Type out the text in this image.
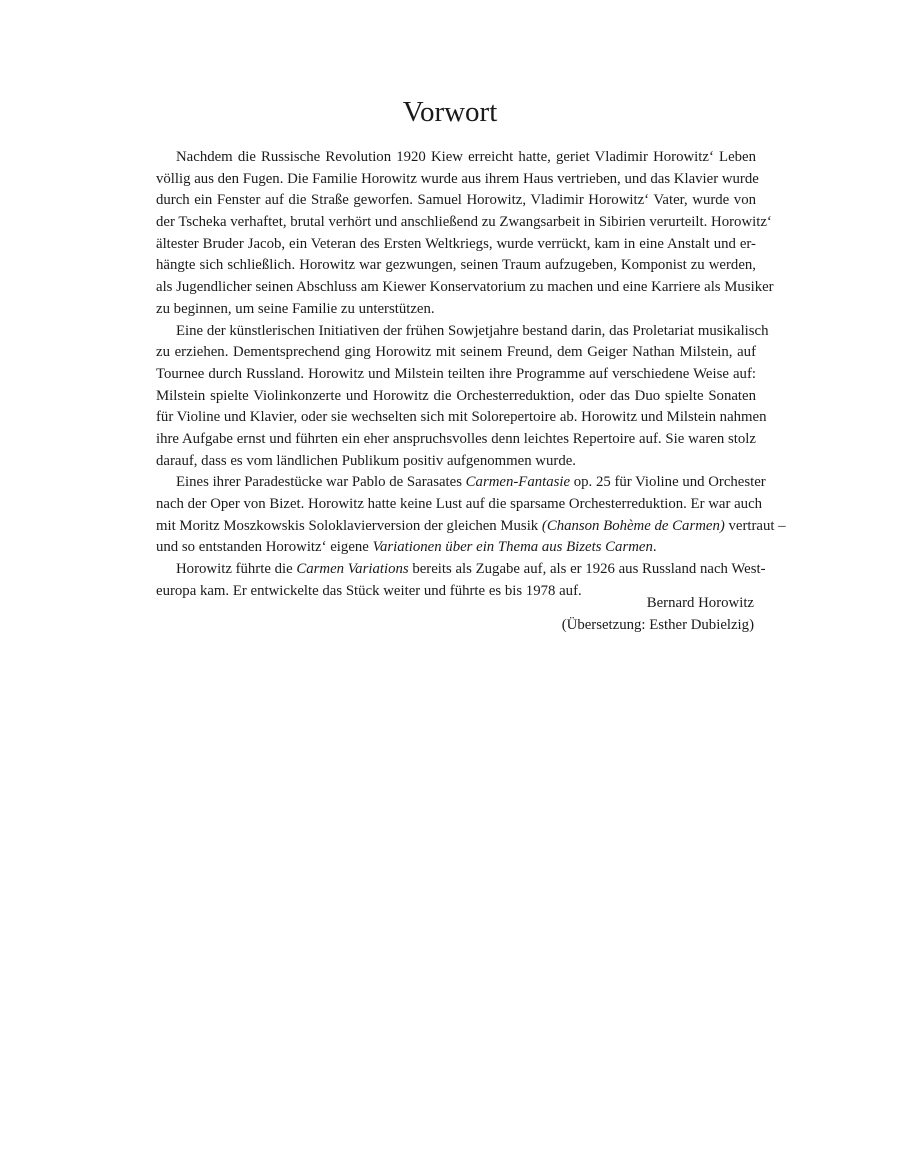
Vorwort
Nachdem die Russische Revolution 1920 Kiew erreicht hatte, geriet Vladimir Horowitz‘ Leben
völlig aus den Fugen. Die Familie Horowitz wurde aus ihrem Haus vertrieben, und das Klavier wurde
durch ein Fenster auf die Straße geworfen. Samuel Horowitz, Vladimir Horowitz‘ Vater, wurde von
der Tscheka verhaftet, brutal verhört und anschließend zu Zwangsarbeit in Sibirien verurteilt. Horowitz‘
ältester Bruder Jacob, ein Veteran des Ersten Weltkriegs, wurde verrückt, kam in eine Anstalt und er-
hängte sich schließlich. Horowitz war gezwungen, seinen Traum aufzugeben, Komponist zu werden,
als Jugendlicher seinen Abschluss am Kiewer Konservatorium zu machen und eine Karriere als Musiker
zu beginnen, um seine Familie zu unterstützen.
Eine der künstlerischen Initiativen der frühen Sowjetjahre bestand darin, das Proletariat musikalisch
zu erziehen. Dementsprechend ging Horowitz mit seinem Freund, dem Geiger Nathan Milstein, auf
Tournee durch Russland. Horowitz und Milstein teilten ihre Programme auf verschiedene Weise auf:
Milstein spielte Violinkonzerte und Horowitz die Orchesterreduktion, oder das Duo spielte Sonaten
für Violine und Klavier, oder sie wechselten sich mit Solorepertoire ab. Horowitz und Milstein nahmen
ihre Aufgabe ernst und führten ein eher anspruchsvolles denn leichtes Repertoire auf. Sie waren stolz
darauf, dass es vom ländlichen Publikum positiv aufgenommen wurde.
Eines ihrer Paradestücke war Pablo de Sarasates Carmen-Fantasie op. 25 für Violine und Orchester
nach der Oper von Bizet. Horowitz hatte keine Lust auf die sparsame Orchesterreduktion. Er war auch
mit Moritz Moszkowskis Soloklavierversion der gleichen Musik (Chanson Bohème de Carmen) vertraut –
und so entstanden Horowitz‘ eigene Variationen über ein Thema aus Bizets Carmen.
Horowitz führte die Carmen Variations bereits als Zugabe auf, als er 1926 aus Russland nach West-
europa kam. Er entwickelte das Stück weiter und führte es bis 1978 auf.
Bernard Horowitz
(Übersetzung: Esther Dubielzig)
